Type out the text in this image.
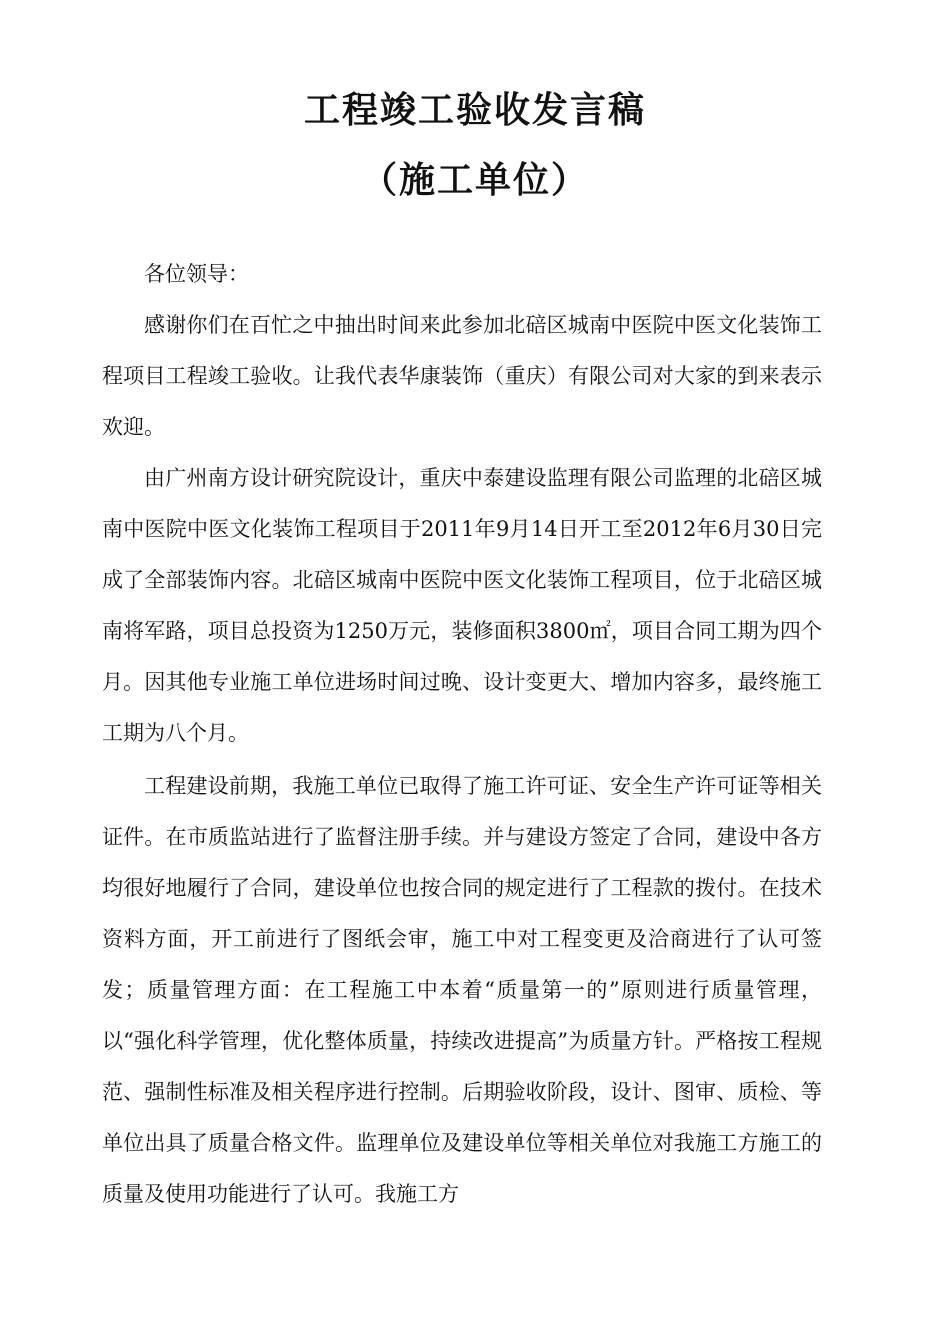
工程竣工验收发言稿
（施工单位）

各位领导：

感谢你们在百忙之中抽出时间来此参加北碚区城南中医院中医文化装饰工程项目工程竣工验收。让我代表华康装饰（重庆）有限公司对大家的到来表示欢迎。

由广州南方设计研究院设计，重庆中泰建设监理有限公司监理的北碚区城南中医院中医文化装饰工程项目于2011年9月14日开工至2012年6月30日完成了全部装饰内容。北碚区城南中医院中医文化装饰工程项目，位于北碚区城南将军路，项目总投资为1250万元，装修面积3800㎡，项目合同工期为四个月。因其他专业施工单位进场时间过晚、设计变更大、增加内容多，最终施工工期为八个月。

工程建设前期，我施工单位已取得了施工许可证、安全生产许可证等相关证件。在市质监站进行了监督注册手续。并与建设方签定了合同，建设中各方均很好地履行了合同，建设单位也按合同的规定进行了工程款的拨付。在技术资料方面，开工前进行了图纸会审，施工中对工程变更及洽商进行了认可签发；质量管理方面：在工程施工中本着“质量第一的”原则进行质量管理，以“强化科学管理，优化整体质量，持续改进提高”为质量方针。严格按工程规范、强制性标准及相关程序进行控制。后期验收阶段，设计、图审、质检、等单位出具了质量合格文件。监理单位及建设单位等相关单位对我施工方施工的质量及使用功能进行了认可。我施工方
